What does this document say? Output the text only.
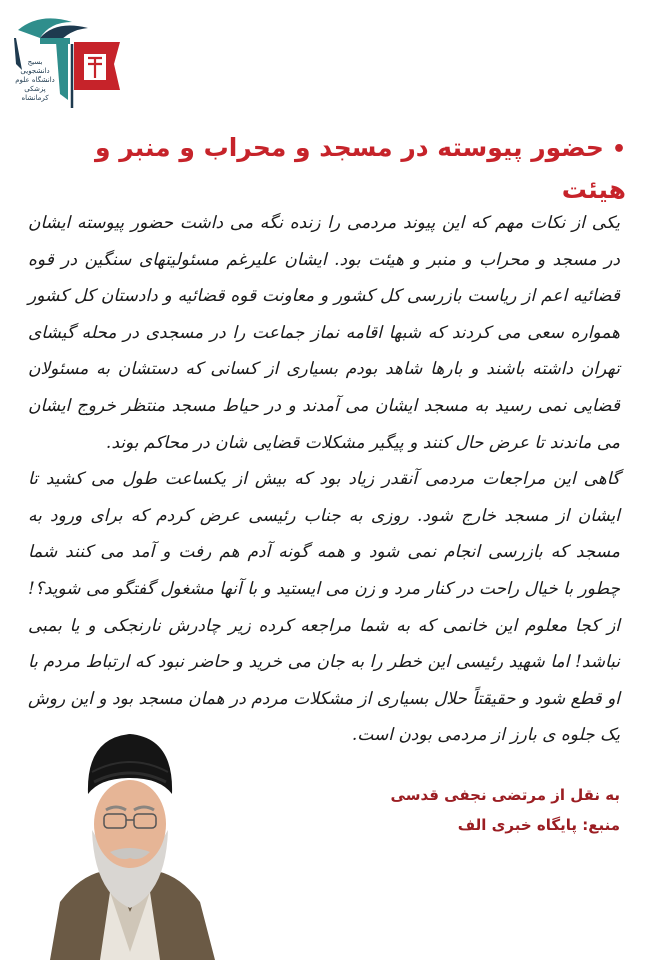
بسیج
دانشجویی
دانشگاه علوم
پزشکی کرمانشاه
•حضور پیوسته در مسجد و محراب و منبر و هیئت

یکی از نکات مهم که این پیوند مردمی را زنده نگه می داشت حضور پیوسته ایشان در مسجد و محراب و منبر و هیئت بود. ایشان علیرغم مسئولیتهای سنگین در قوه قضائیه اعم از ریاست بازرسی کل کشور و معاونت قوه قضائیه و دادستان کل کشور همواره سعی می کردند که شبها اقامه نماز جماعت را در مسجدی در محله گیشای تهران داشته باشند و بارها شاهد بودم بسیاری از کسانی که دستشان به مسئولان قضایی نمی رسید به مسجد ایشان می آمدند و در حیاط مسجد منتظر خروج ایشان می ماندند تا عرض حال کنند و پیگیر مشکلات قضایی شان در محاکم بوند.

گاهی این مراجعات مردمی آنقدر زیاد بود که بیش از یکساعت طول می کشید تا ایشان از مسجد خارج شود. روزی به جناب رئیسی عرض کردم که برای ورود به مسجد که بازرسی انجام نمی شود و همه گونه آدم هم رفت و آمد می کنند شما چطور با خیال راحت در کنار مرد و زن می ایستید و با آنها مشغول گفتگو می شوید؟! از کجا معلوم این خانمی که به شما مراجعه کرده زیر چادرش نارنجکی و یا بمبی نباشد! اما شهید رئیسی این خطر را به جان می خرید و حاضر نبود که ارتباط مردم با او قطع شود و حقیقتاً حلال بسیاری از مشکلات مردم در همان مسجد بود و این روش یک جلوه ی بارز از مردمی بودن است.

به نقل از مرتضی نجفی قدسی
منبع: پایگاه خبری الف
